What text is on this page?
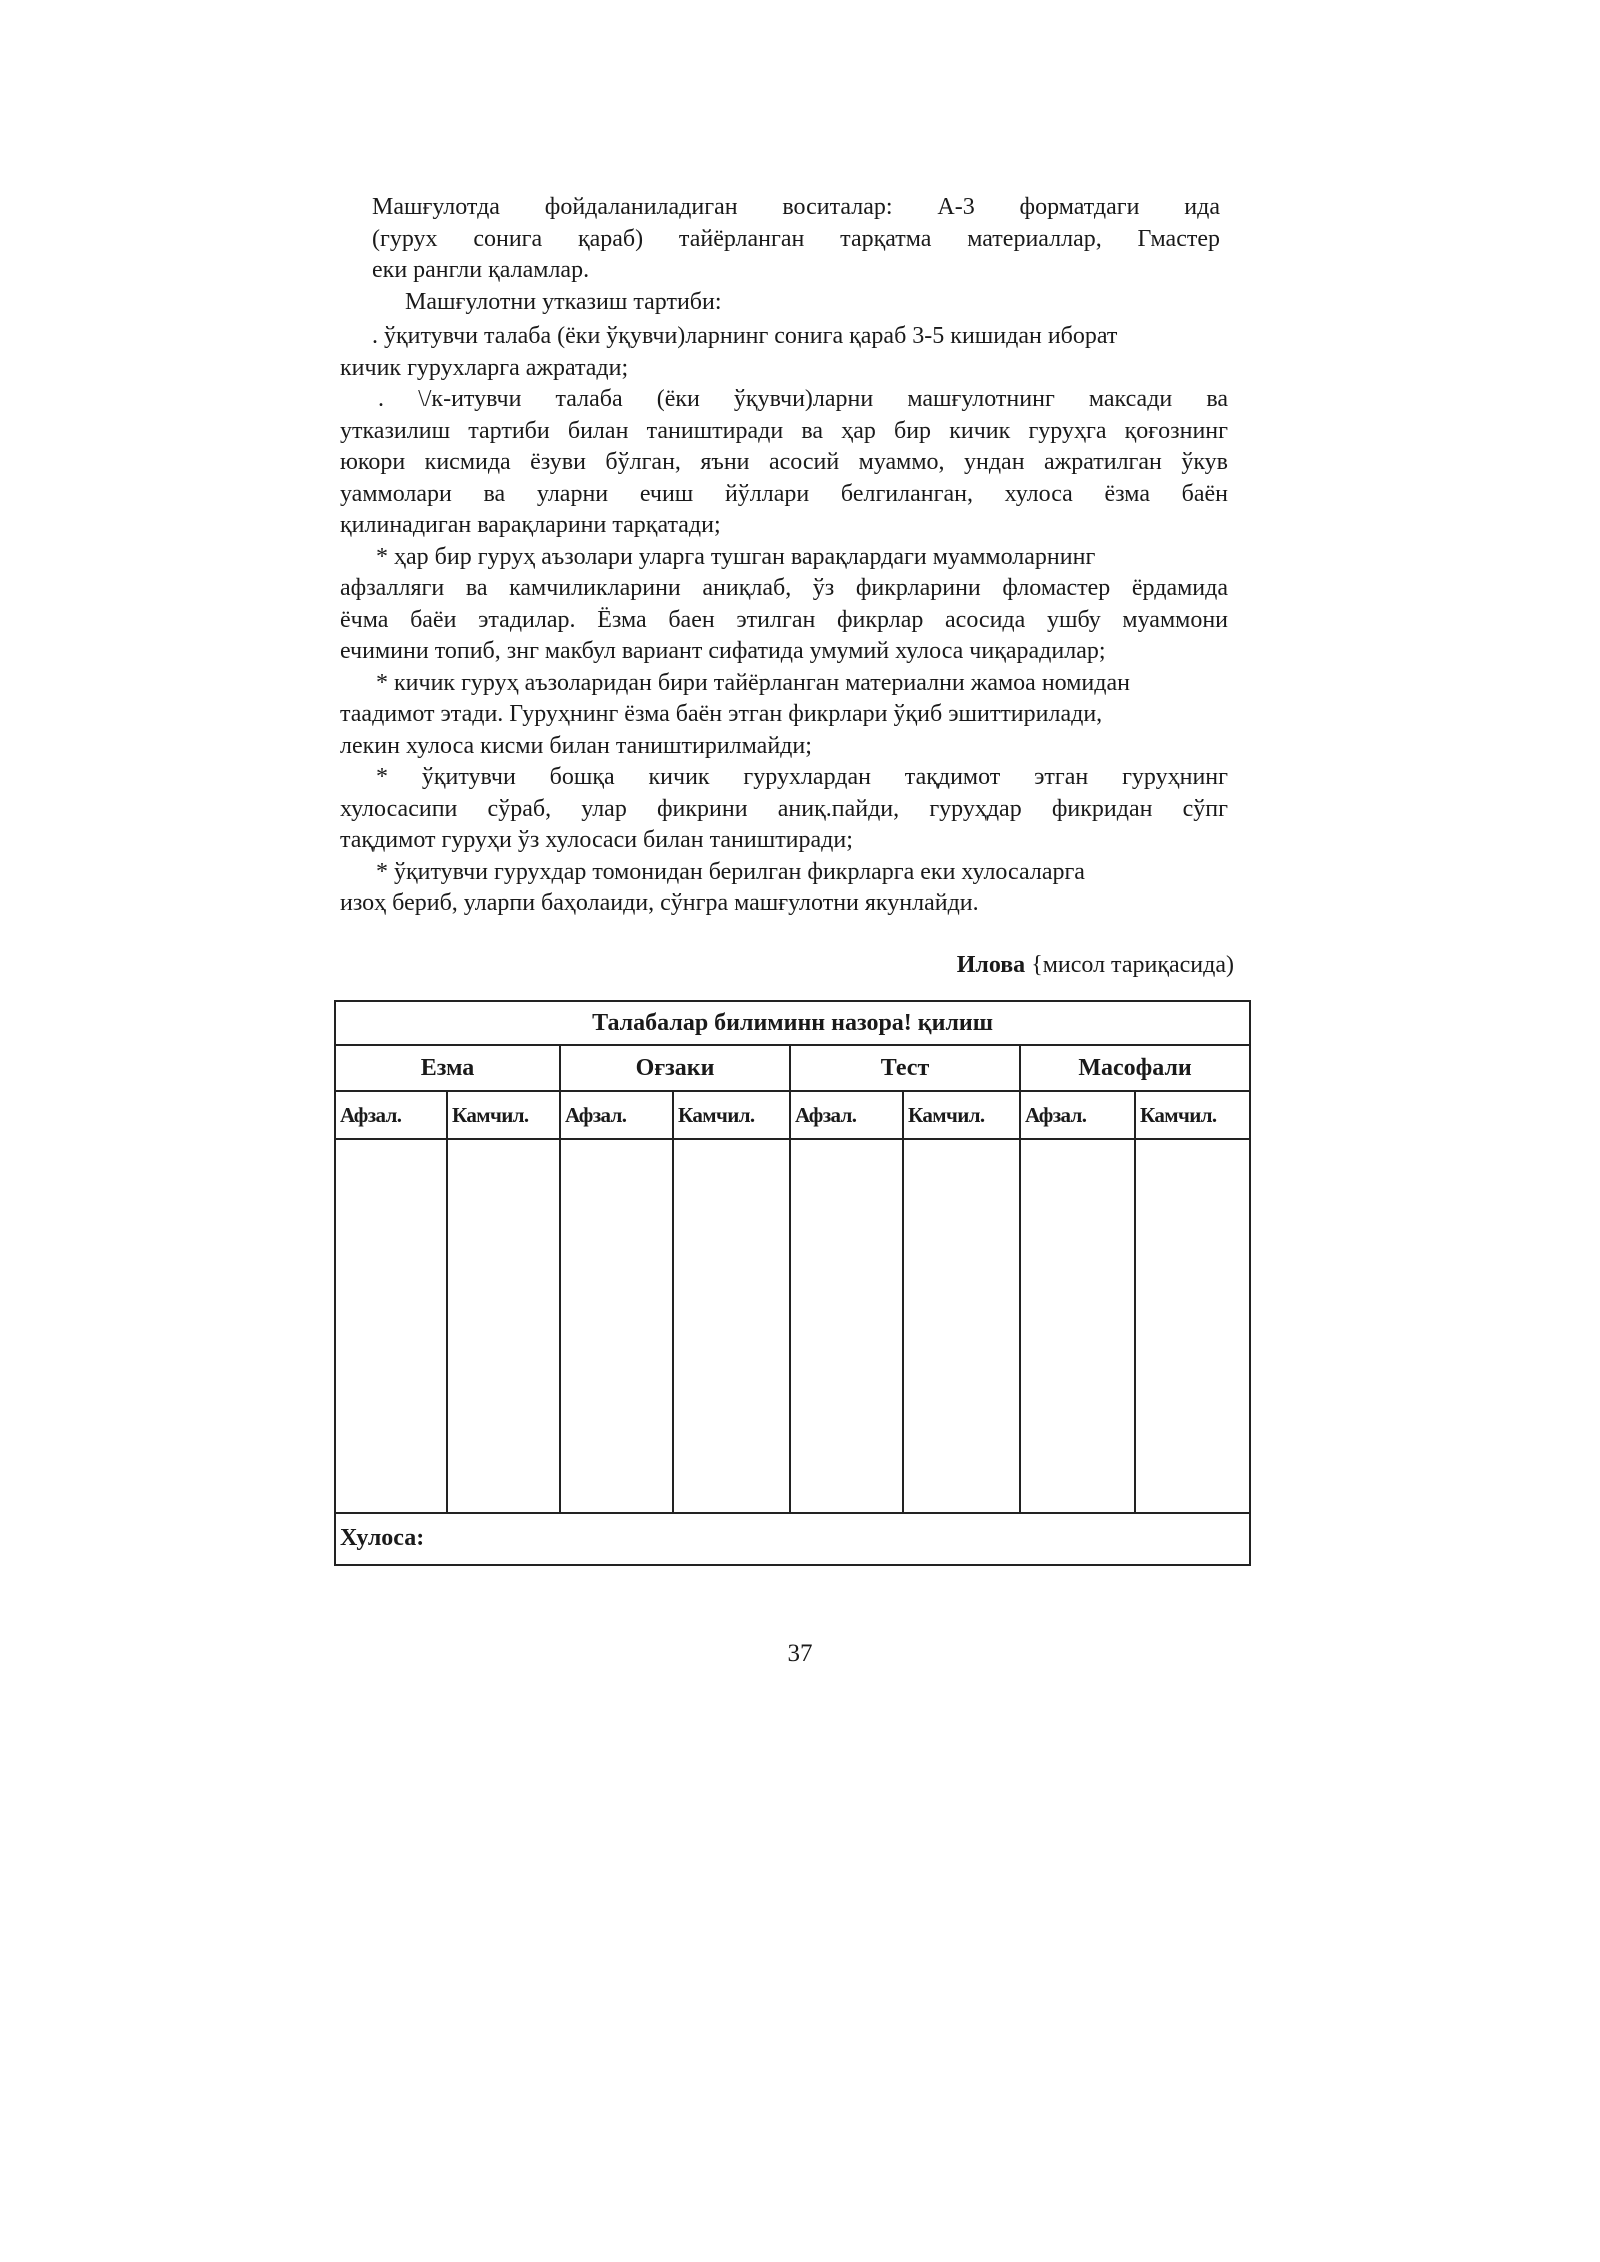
Машғулотда фойдаланиладиган воситалар: А-3 форматдаги ида
(гурух сонига қараб) тайёрланган тарқатма материаллар, Гмастер
еки рангли қаламлар.

Машғулотни утказиш тартиби:

. ўқитувчи талаба (ёки ўқувчи)ларнинг сонига қараб 3-5 кишидан иборат
кичик гурухларга ажратади;
. \/к-итувчи талаба (ёки ўқувчи)ларни машғулотнинг максади ва
утказилиш тартиби билан таништиради ва ҳар бир кичик гуруҳга қоғознинг
юкори кисмида ёзуви бўлган, яъни асосий муаммо, ундан ажратилган ўкув
уаммолари ва уларни ечиш йўллари белгиланган, хулоса ёзма баён
қилинадиган варақларини тарқатади;
* ҳар бир гуруҳ аъзолари уларга тушган варақлардаги муаммоларнинг
афзалляги ва камчиликларини аниқлаб, ўз фикрларини фломастер ёрдамида
ёчма баёи этадилар. Ёзма баен этилган фикрлар асосида ушбу муаммони
ечимини топиб, знг макбул вариант сифатида умумий хулоса чиқарадилар;
* кичик гуруҳ аъзоларидан бири тайёрланган материални жамоа номидан
таадимот этади. Гуруҳнинг ёзма баён этган фикрлари ўқиб эшиттирилади,
лекин хулоса кисми билан таништирилмайди;
* ўқитувчи бошқа кичик гурухлардан тақдимот этган гуруҳнинг
хулосасипи сўраб, улар фикрини аниқ.пайди, гуруҳдар фикридан сўпг
тақдимот гуруҳи ўз хулосаси билан таништиради;
* ўқитувчи гурухдар томонидан берилган фикрларга еки хулосаларга
изоҳ бериб, уларпи баҳолаиди, сўнгра машғулотни якунлайди.
Илова {мисол тариқасида)
Талабалар билиминн назора! қилиш							
Езма		Оғзаки		Тест		Масофали	
Афзал.	Камчил.	Афзал.	Камчил.	Афзал.	Камчил.	Афзал.	Камчил.

Хулоса:							
37
